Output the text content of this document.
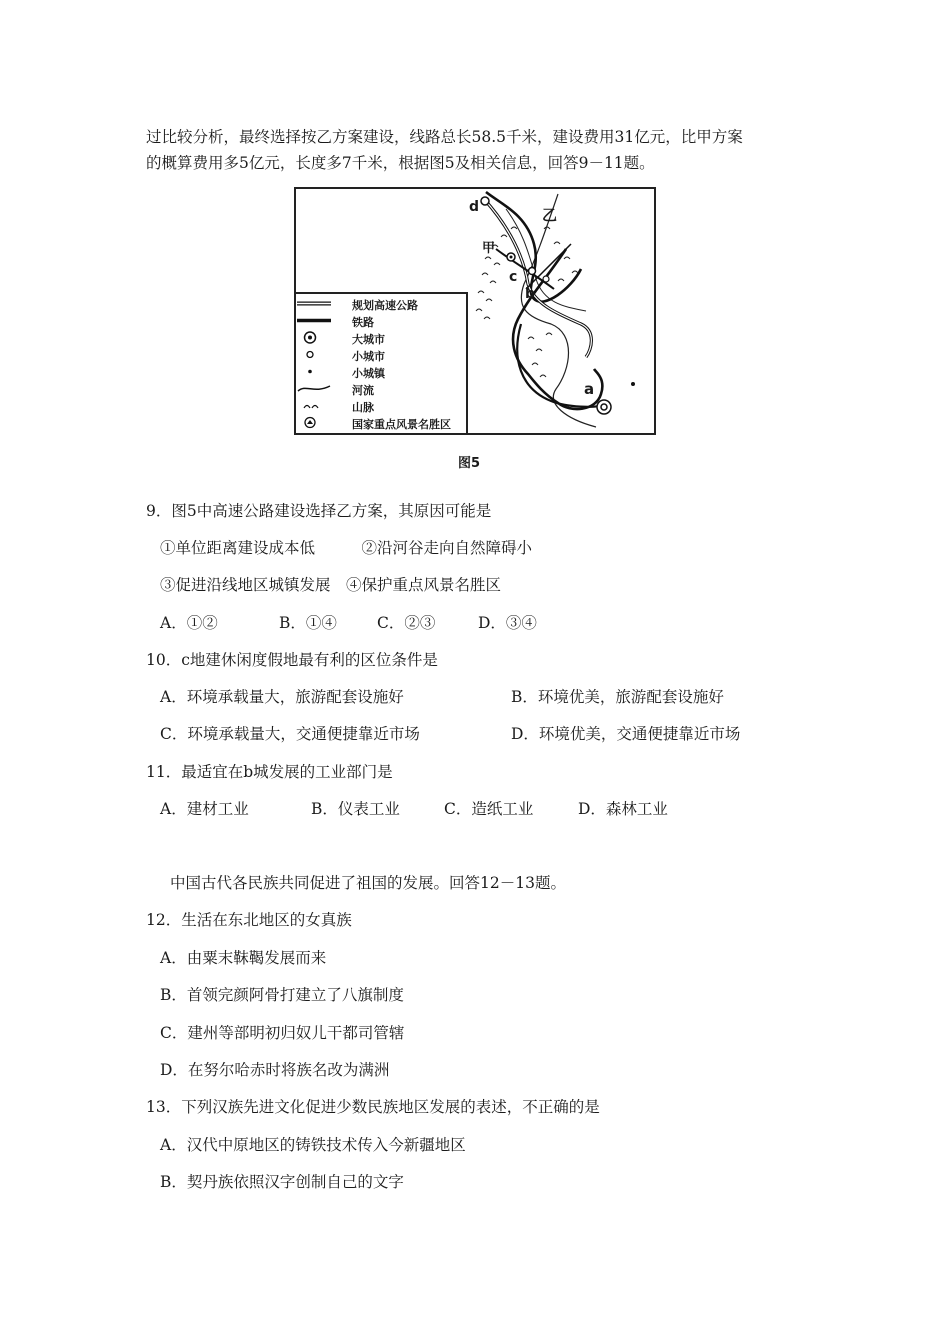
过比较分析，最终选择按乙方案建设，线路总长58.5千米，建设费用31亿元，比甲方案
的概算费用多5亿元，长度多7千米，根据图5及相关信息，回答9－11题。
d	乙
甲
c
b
a
规划高速公路
铁路
大城市
小城市
小城镇
河流
山脉
国家重点风景名胜区
图5
9．图5中高速公路建设选择乙方案，其原因可能是
①单位距离建设成本低　　　②沿河谷走向自然障碍小
③促进沿线地区城镇发展　④保护重点风景名胜区
A．①②	B．①④	C．②③	D．③④
10．c地建休闲度假地最有利的区位条件是
A．环境承载量大，旅游配套设施好	B．环境优美，旅游配套设施好
C．环境承载量大，交通便捷靠近市场	D．环境优美，交通便捷靠近市场
11．最适宜在b城发展的工业部门是
A．建材工业	B．仪表工业	C．造纸工业	D．森林工业
中国古代各民族共同促进了祖国的发展。回答12－13题。
12．生活在东北地区的女真族
A．由粟末靺鞨发展而来
B．首领完颜阿骨打建立了八旗制度
C．建州等部明初归奴儿干都司管辖
D．在努尔哈赤时将族名改为满洲
13．下列汉族先进文化促进少数民族地区发展的表述，不正确的是
A．汉代中原地区的铸铁技术传入今新疆地区
B．契丹族依照汉字创制自己的文字
